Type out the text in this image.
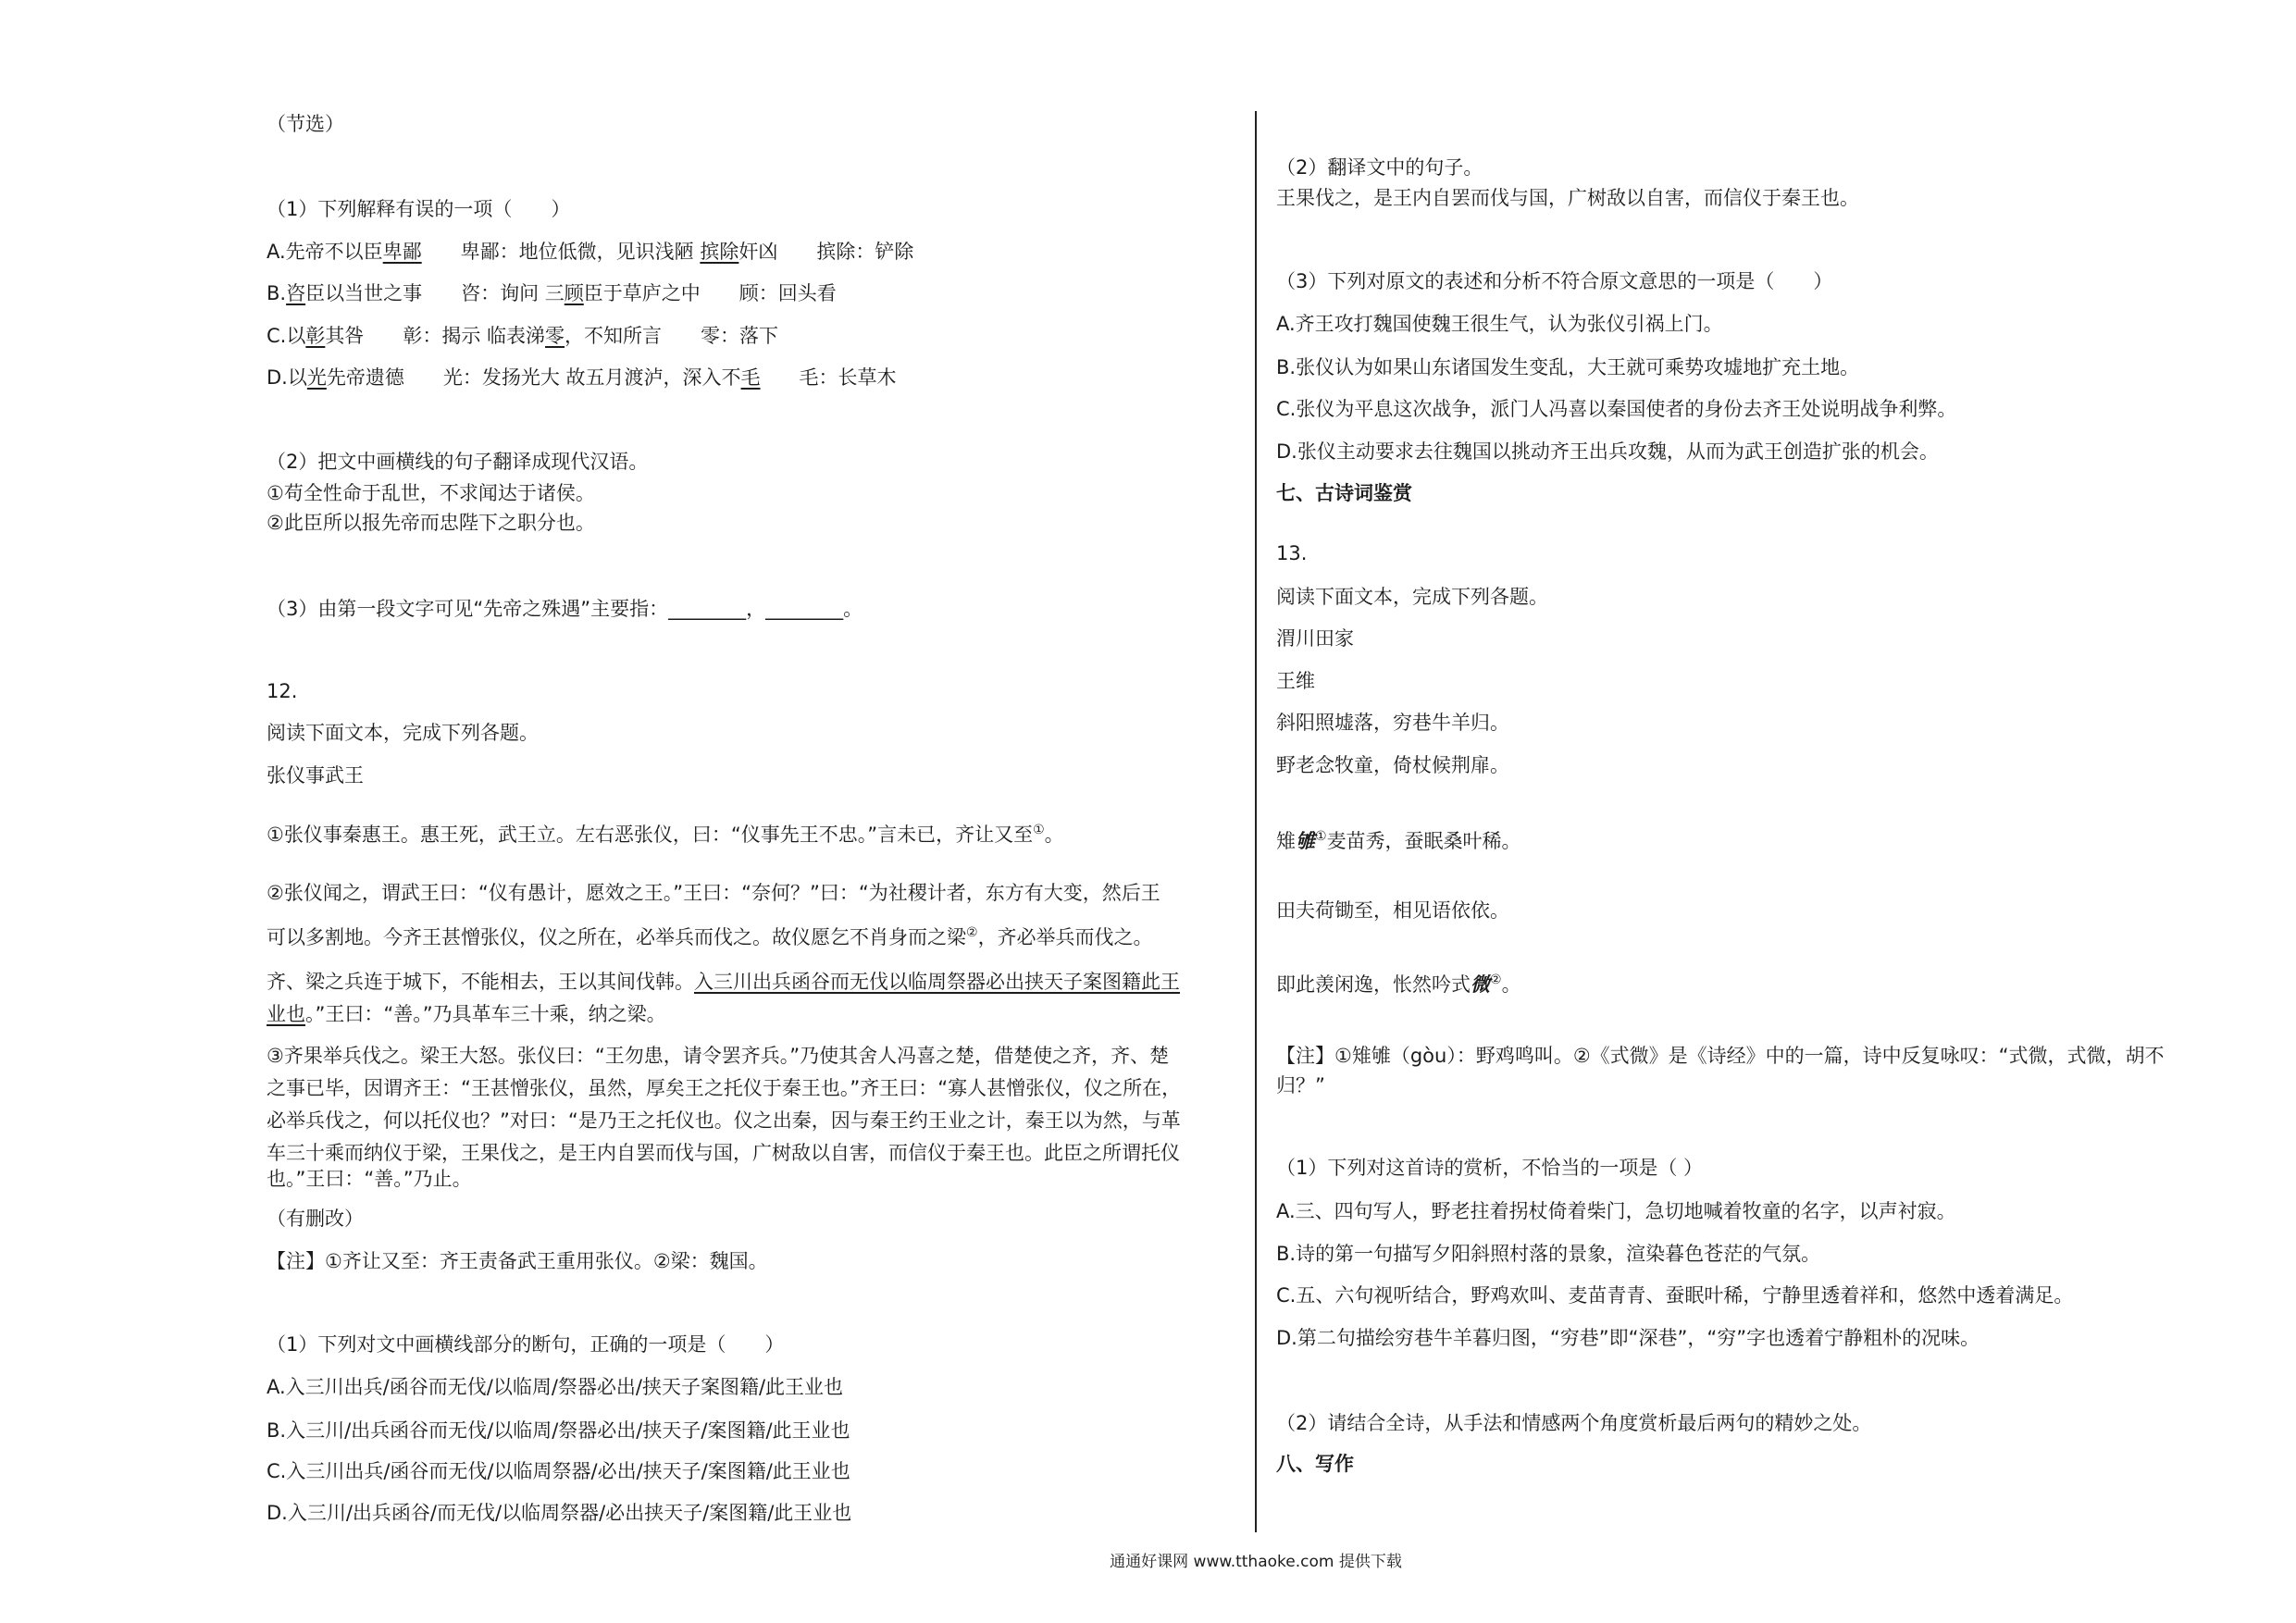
（节选）
（1）下列解释有误的一项（　　）
A.先帝不以臣卑鄙　　卑鄙：地位低微，见识浅陋 摈除奸凶　　摈除：铲除
B.咨臣以当世之事　　咨：询问 三顾臣于草庐之中　　顾：回头看
C.以彰其咎　　彰：揭示 临表涕零，不知所言　　零：落下
D.以光先帝遗德　　光：发扬光大 故五月渡泸，深入不毛　　毛：长草木
（2）把文中画横线的句子翻译成现代汉语。
①苟全性命于乱世，不求闻达于诸侯。
②此臣所以报先帝而忠陛下之职分也。
（3）由第一段文字可见“先帝之殊遇”主要指：________，________。
12.
阅读下面文本，完成下列各题。
张仪事武王
①张仪事秦惠王。惠王死，武王立。左右恶张仪，曰：“仪事先王不忠。”言未已，齐让又至①。
②张仪闻之，谓武王曰：“仪有愚计，愿效之王。”王曰：“奈何？”曰：“为社稷计者，东方有大变，然后王
可以多割地。今齐王甚憎张仪，仪之所在，必举兵而伐之。故仪愿乞不肖身而之梁②，齐必举兵而伐之。
齐、梁之兵连于城下，不能相去，王以其间伐韩。入三川出兵函谷而无伐以临周祭器必出挟天子案图籍此王
业也。”王曰：“善。”乃具革车三十乘，纳之梁。
③齐果举兵伐之。梁王大怒。张仪曰：“王勿患，请令罢齐兵。”乃使其舍人冯喜之楚，借楚使之齐，齐、楚
之事已毕，因谓齐王：“王甚憎张仪，虽然，厚矣王之托仪于秦王也。”齐王曰：“寡人甚憎张仪，仪之所在，
必举兵伐之，何以托仪也？”对曰：“是乃王之托仪也。仪之出秦，因与秦王约王业之计，秦王以为然，与革
车三十乘而纳仪于梁，王果伐之，是王内自罢而伐与国，广树敌以自害，而信仪于秦王也。此臣之所谓托仪
也。”王曰：“善。”乃止。
（有删改）
【注】①齐让又至：齐王责备武王重用张仪。②梁：魏国。
（1）下列对文中画横线部分的断句，正确的一项是（　　）
A.入三川出兵/函谷而无伐/以临周/祭器必出/挟天子案图籍/此王业也
B.入三川/出兵函谷而无伐/以临周/祭器必出/挟天子/案图籍/此王业也
C.入三川出兵/函谷而无伐/以临周祭器/必出/挟天子/案图籍/此王业也
D.入三川/出兵函谷/而无伐/以临周祭器/必出挟天子/案图籍/此王业也
（2）翻译文中的句子。
王果伐之，是王内自罢而伐与国，广树敌以自害，而信仪于秦王也。
（3）下列对原文的表述和分析不符合原文意思的一项是（　　）
A.齐王攻打魏国使魏王很生气，认为张仪引祸上门。
B.张仪认为如果山东诸国发生变乱，大王就可乘势攻墟地扩充土地。
C.张仪为平息这次战争，派门人冯喜以秦国使者的身份去齐王处说明战争利弊。
D.张仪主动要求去往魏国以挑动齐王出兵攻魏，从而为武王创造扩张的机会。
七、古诗词鉴赏
13.
阅读下面文本，完成下列各题。
渭川田家
王维
斜阳照墟落，穷巷牛羊归。
野老念牧童，倚杖候荆扉。
雉雊①麦苗秀，蚕眠桑叶稀。
田夫荷锄至，相见语依依。
即此羡闲逸，怅然吟式微②。
【注】①雉雊（gòu）：野鸡鸣叫。②《式微》是《诗经》中的一篇，诗中反复咏叹：“式微，式微，胡不
归？”
（1）下列对这首诗的赏析，不恰当的一项是（ ）
A.三、四句写人，野老拄着拐杖倚着柴门，急切地喊着牧童的名字，以声衬寂。
B.诗的第一句描写夕阳斜照村落的景象，渲染暮色苍茫的气氛。
C.五、六句视听结合，野鸡欢叫、麦苗青青、蚕眠叶稀，宁静里透着祥和，悠然中透着满足。
D.第二句描绘穷巷牛羊暮归图，“穷巷”即“深巷”，“穷”字也透着宁静粗朴的况味。
（2）请结合全诗，从手法和情感两个角度赏析最后两句的精妙之处。
八、写作
通通好课网 www.tthaoke.com 提供下载
